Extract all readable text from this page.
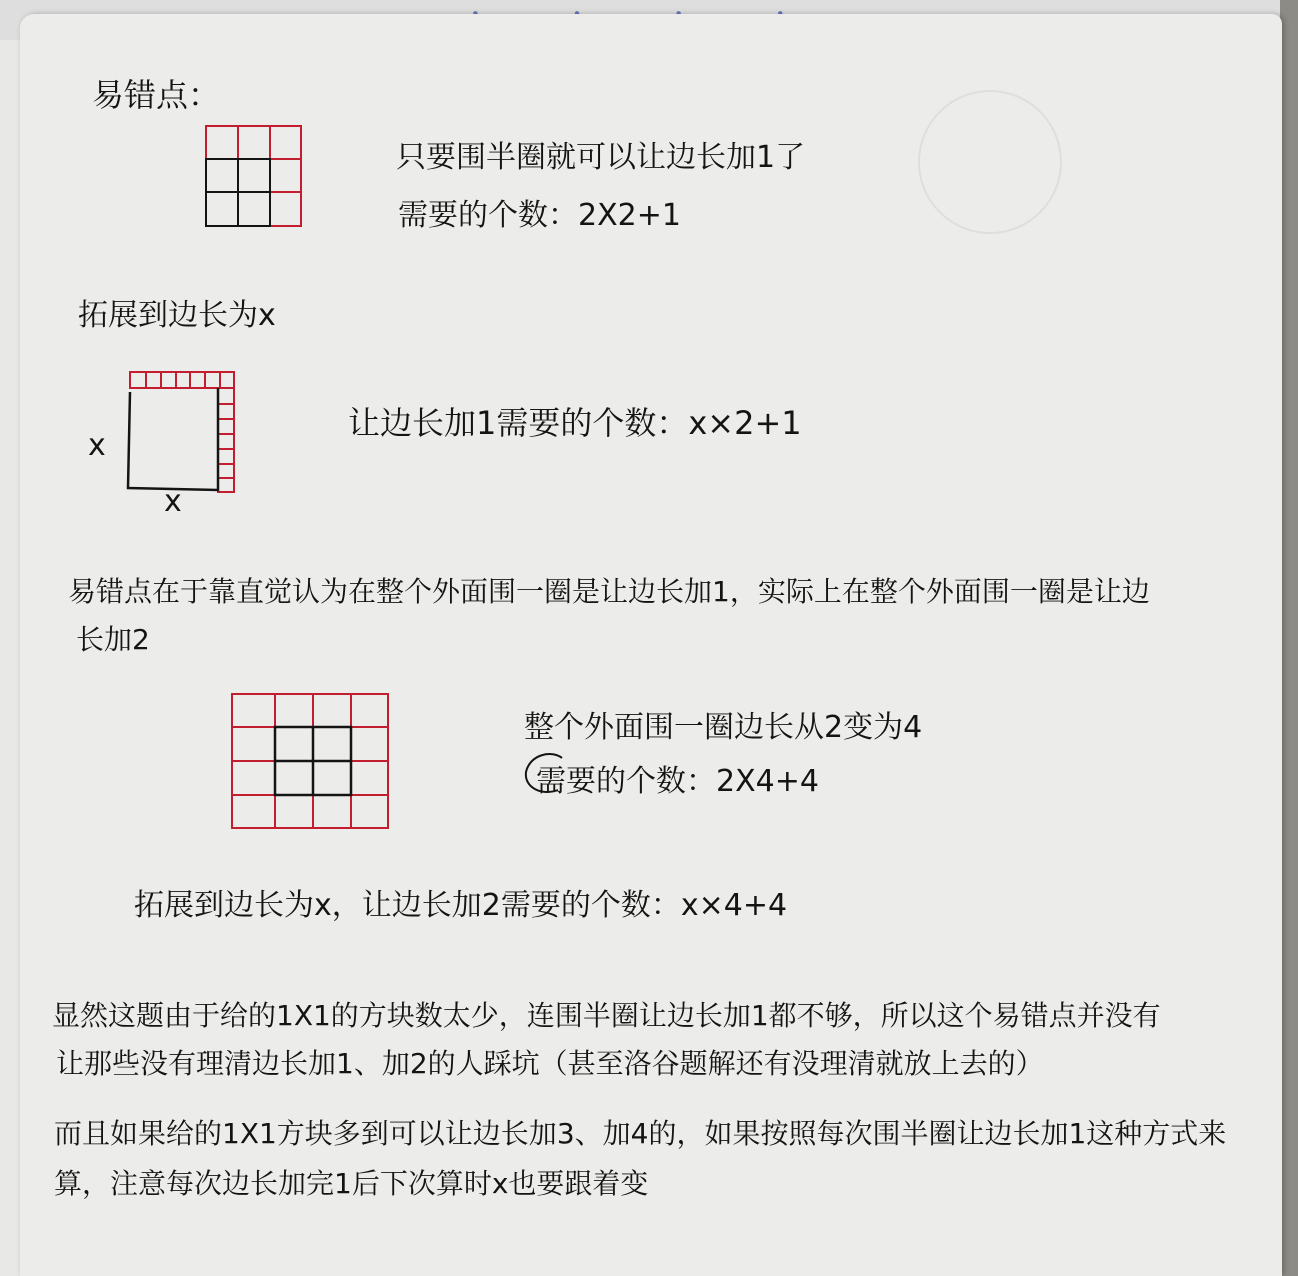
易错点：
只要围半圈就可以让边长加1了
需要的个数：2X2+1
拓展到边长为x
x
x
让边长加1需要的个数：x×2+1
易错点在于靠直觉认为在整个外面围一圈是让边长加1，实际上在整个外面围一圈是让边
长加2
整个外面围一圈边长从2变为4
需要的个数：2X4+4
拓展到边长为x，让边长加2需要的个数：x×4+4
显然这题由于给的1X1的方块数太少，连围半圈让边长加1都不够，所以这个易错点并没有
让那些没有理清边长加1、加2的人踩坑（甚至洛谷题解还有没理清就放上去的）
而且如果给的1X1方块多到可以让边长加3、加4的，如果按照每次围半圈让边长加1这种方式来
算，注意每次边长加完1后下次算时x也要跟着变
